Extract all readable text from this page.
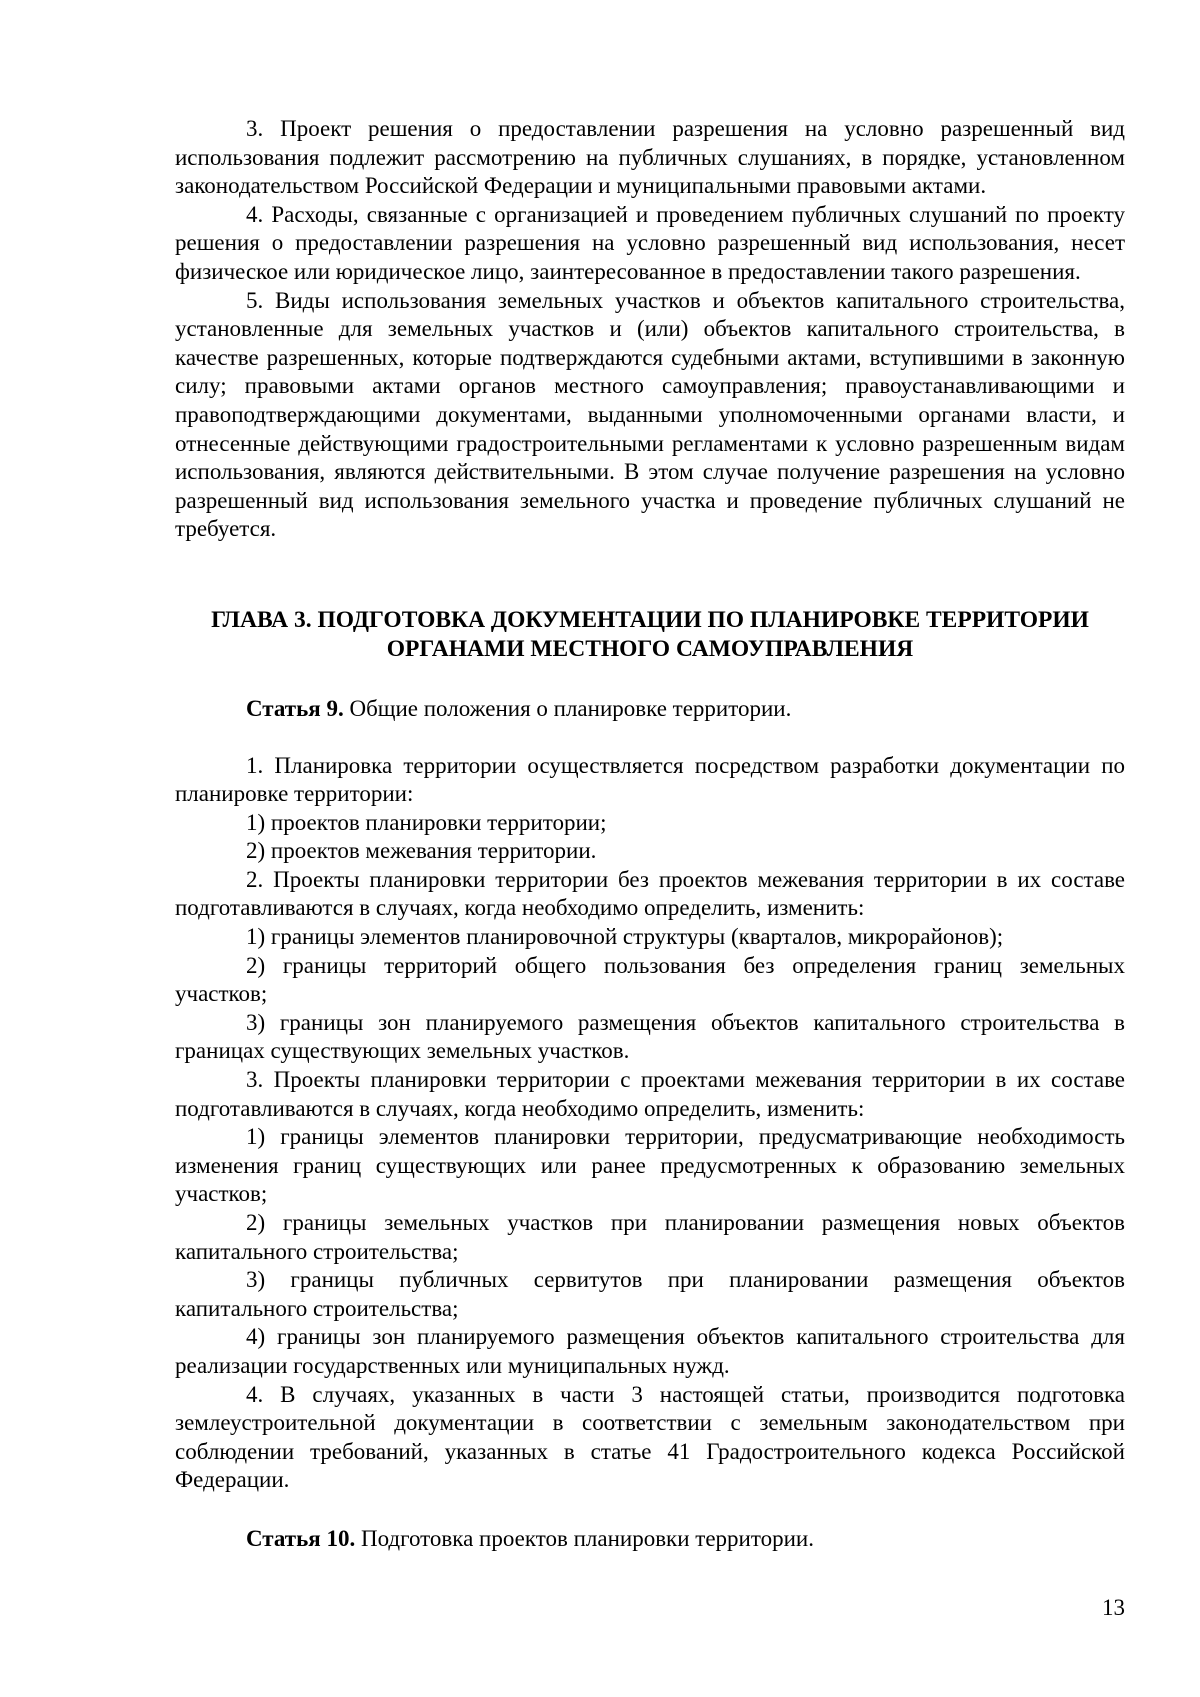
3. Проект решения о предоставлении разрешения на условно разрешенный вид использования подлежит рассмотрению на публичных слушаниях, в порядке, установленном законодательством Российской Федерации и муниципальными правовыми актами.

4. Расходы, связанные с организацией и проведением публичных слушаний по проекту решения о предоставлении разрешения на условно разрешенный вид использования, несет физическое или юридическое лицо, заинтересованное в предоставлении такого разрешения.

5. Виды использования земельных участков и объектов капитального строительства, установленные для земельных участков и (или) объектов капитального строительства, в качестве разрешенных, которые подтверждаются судебными актами, вступившими в законную силу; правовыми актами органов местного самоуправления; правоустанавливающими и правоподтверждающими документами, выданными уполномоченными органами власти, и отнесенные действующими градостроительными регламентами к условно разрешенным видам использования, являются действительными. В этом случае получение разрешения на условно разрешенный вид использования земельного участка и проведение публичных слушаний не требуется.

ГЛАВА 3. ПОДГОТОВКА ДОКУМЕНТАЦИИ ПО ПЛАНИРОВКЕ ТЕРРИТОРИИ
ОРГАНАМИ МЕСТНОГО САМОУПРАВЛЕНИЯ

Статья 9. Общие положения о планировке территории.

1. Планировка территории осуществляется посредством разработки документации по планировке территории:

1) проектов планировки территории;

2) проектов межевания территории.

2. Проекты планировки территории без проектов межевания территории в их составе подготавливаются в случаях, когда необходимо определить, изменить:

1) границы элементов планировочной структуры (кварталов, микрорайонов);

2) границы территорий общего пользования без определения границ земельных участков;

3) границы зон планируемого размещения объектов капитального строительства в границах существующих земельных участков.

3. Проекты планировки территории с проектами межевания территории в их составе подготавливаются в случаях, когда необходимо определить, изменить:

1) границы элементов планировки территории, предусматривающие необходимость изменения границ существующих или ранее предусмотренных к образованию земельных участков;

2) границы земельных участков при планировании размещения новых объектов капитального строительства;

3) границы публичных сервитутов при планировании размещения объектов капитального строительства;

4) границы зон планируемого размещения объектов капитального строительства для реализации государственных или муниципальных нужд.

4. В случаях, указанных в части 3 настоящей статьи, производится подготовка землеустроительной документации в соответствии с земельным законодательством при соблюдении требований, указанных в статье 41 Градостроительного кодекса Российской Федерации.

Статья 10. Подготовка проектов планировки территории.

13
